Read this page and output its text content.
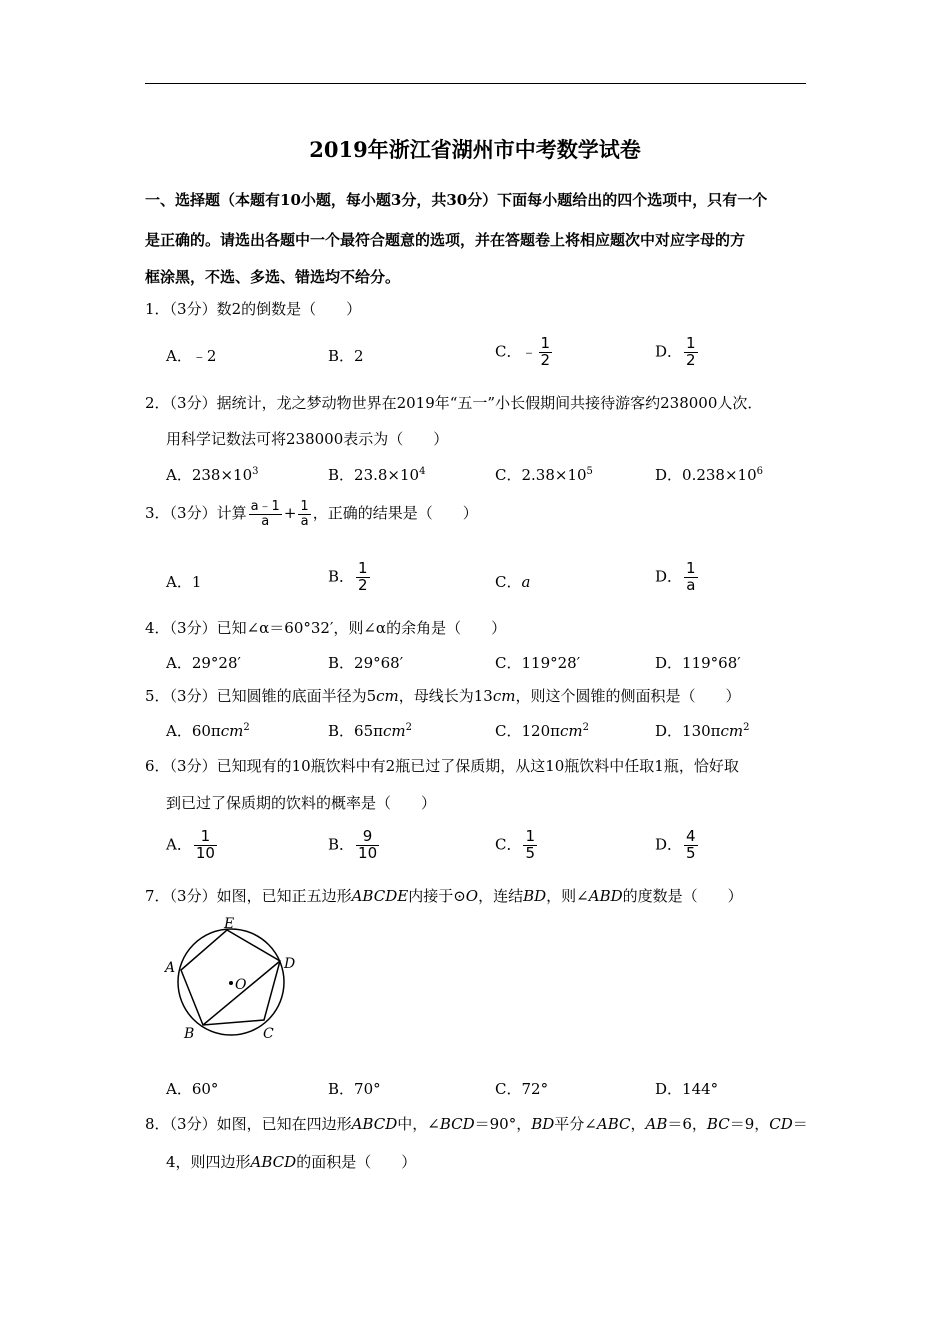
2019年浙江省湖州市中考数学试卷
一、选择题（本题有10小题，每小题3分，共30分）下面每小题给出的四个选项中，只有一个
是正确的。请选出各题中一个最符合题意的选项，并在答题卷上将相应题次中对应字母的方
框涂黑，不选、多选、错选均不给分。
1．（3分）数2的倒数是（　　）
A．﹣2	B．2	C．﹣ $\frac{1}{2}$	D． $\frac{1}{2}$
2．（3分）据统计，龙之梦动物世界在2019年“五一”小长假期间共接待游客约238000人次．
用科学记数法可将238000表示为（　　）
A．$238\times 10^3$	B．$23.8\times 10^4$	C．$2.38\times 10^5$	D．$0.238\times 10^6$
3．（3分）计算 $\frac{a﹣1}{a} + \frac{1}{a}$ ，正确的结果是（　　）
A．1	B． $\frac{1}{2}$	C．a	D． $\frac{1}{a}$
4．（3分）已知∠α＝60°32′，则∠α的余角是（　　）
A．29°28′	B．29°68′	C．119°28′	D．119°68′
5．（3分）已知圆锥的底面半径为5cm，母线长为13cm，则这个圆锥的侧面积是（　　）
A．60πcm$^2$	B．65πcm$^2$	C．120πcm$^2$	D．130πcm$^2$
6．（3分）已知现有的10瓶饮料中有2瓶已过了保质期，从这10瓶饮料中任取1瓶，恰好取
到已过了保质期的饮料的概率是（　　）
A． $\frac{1}{10}$	B． $\frac{9}{10}$	C． $\frac{1}{5}$	D． $\frac{4}{5}$
7．（3分）如图，已知正五边形ABCDE内接于⊙O，连结BD，则∠ABD的度数是（　　）
E
D
A
O
B	C
A．60°	B．70°	C．72°	D．144°
8．（3分）如图，已知在四边形ABCD中，∠BCD＝90°，BD平分∠ABC，AB＝6，BC＝9，CD＝
4，则四边形ABCD的面积是（　　）
